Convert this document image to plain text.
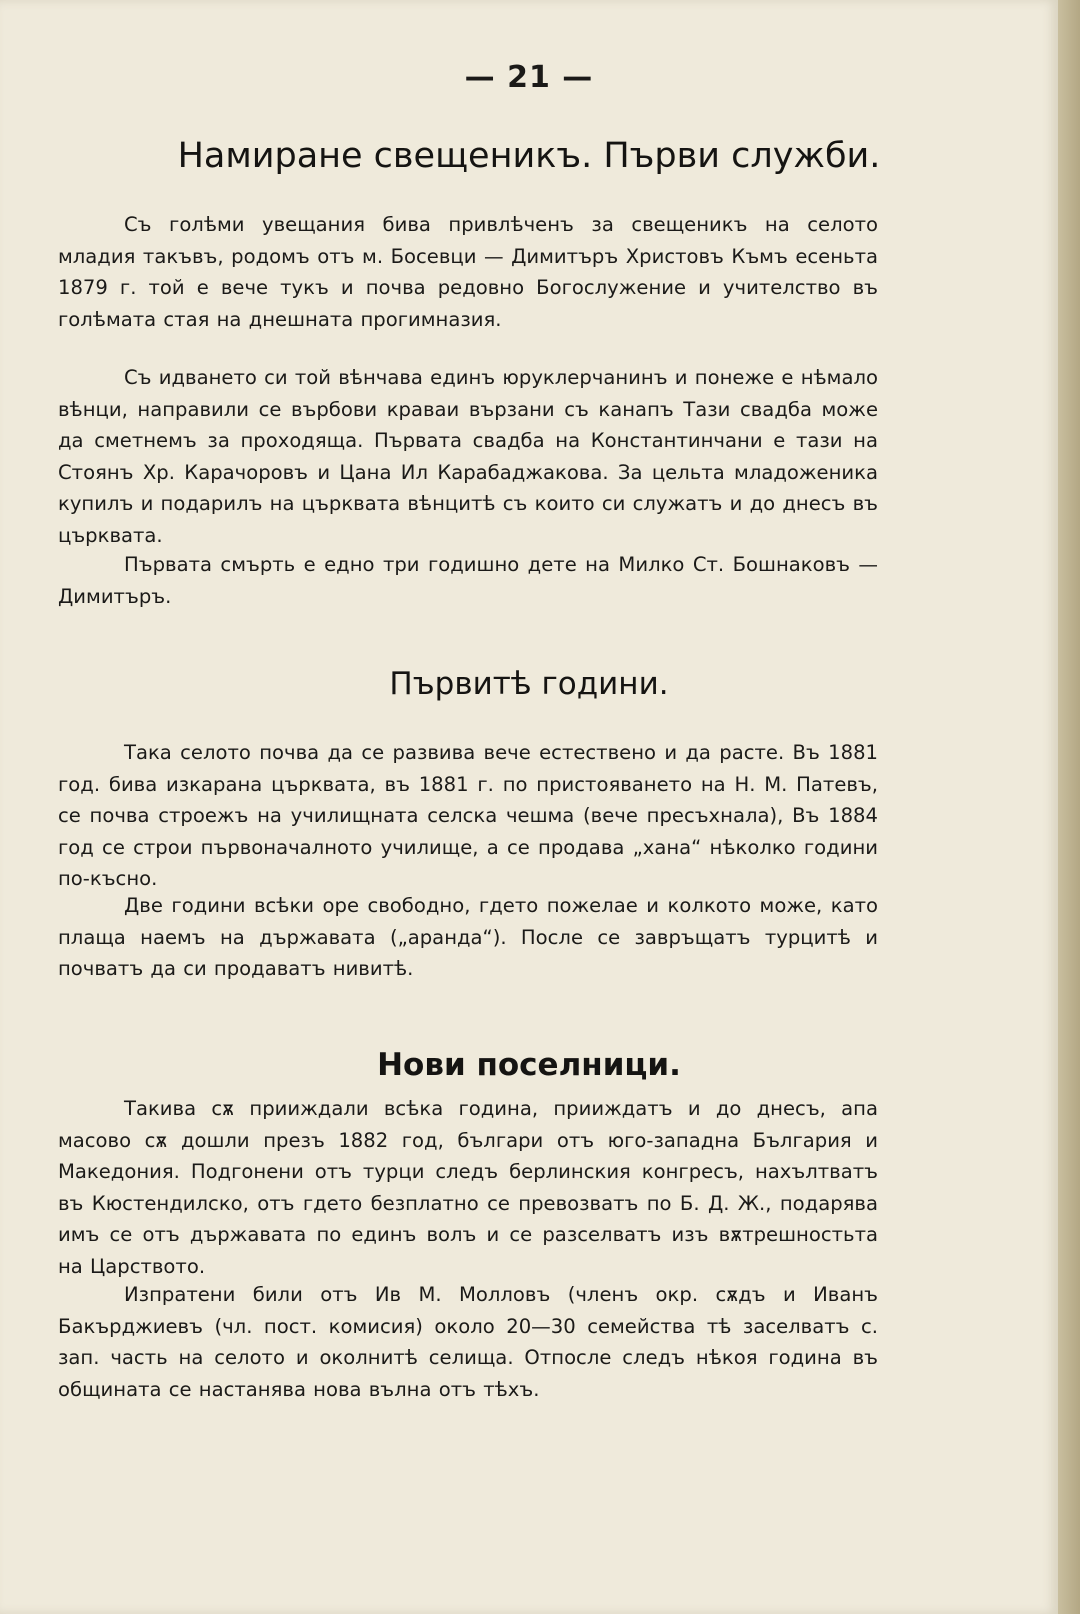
— 21 —

Намиране свещеникъ. Първи служби.

Съ голѣми увещания бива привлѣченъ за свещеникъ на селото младия такъвъ, родомъ отъ м. Босевци — Димитъръ Христовъ Къмъ есеньта 1879 г. той е вече тукъ и почва редовно Богослужение и учителство въ голѣмата стая на днешната прогимназия.

Съ идването си той вѣнчава единъ юруклерчанинъ и понеже е нѣмало вѣнци, направили се върбови краваи вързани съ канапъ Тази свадба може да сметнемъ за проходяща. Първата свадба на Константинчани е тази на Стоянъ Хр. Карачоровъ и Цана Ил Карабаджакова. За цельта младоженика купилъ и подарилъ на църквата вѣнцитѣ съ които си служатъ и до днесъ въ църквата.

Първата смърть е едно три годишно дете на Милко Ст. Бошнаковъ — Димитъръ.

Първитѣ години.

Така селото почва да се развива вече естествено и да расте. Въ 1881 год. бива изкарана църквата, въ 1881 г. по пристояването на Н. М. Патевъ, се почва строежъ на училищната селска чешма (вече пресъхнала), Въ 1884 год се строи първоначалното училище, а се продава „хана“ нѣколко години по-късно.

Две години всѣки оре свободно, гдето пожелае и колкото може, като плаща наемъ на държавата („аранда“). После се завръщатъ турцитѣ и почватъ да си продаватъ нивитѣ.

Нови поселници.

Такива сѫ прииждали всѣка година, прииждатъ и до днесъ, апа масово сѫ дошли презъ 1882 год, българи отъ юго-западна България и Македония. Подгонени отъ турци следъ берлинския конгресъ, нахълтватъ въ Кюстендилско, отъ гдето безплатно се превозватъ по Б. Д. Ж., подарява имъ се отъ държавата по единъ волъ и се разселватъ изъ вѫтрешностьта на Царството.

Изпратени били отъ Ив М. Молловъ (членъ окр. сѫдъ и Иванъ Бакърджиевъ (чл. пост. комисия) около 20—30 семейства тѣ заселватъ с. зап. часть на селото и околнитѣ селища. Отпосле следъ нѣкоя година въ общината се настанява нова вълна отъ тѣхъ.
